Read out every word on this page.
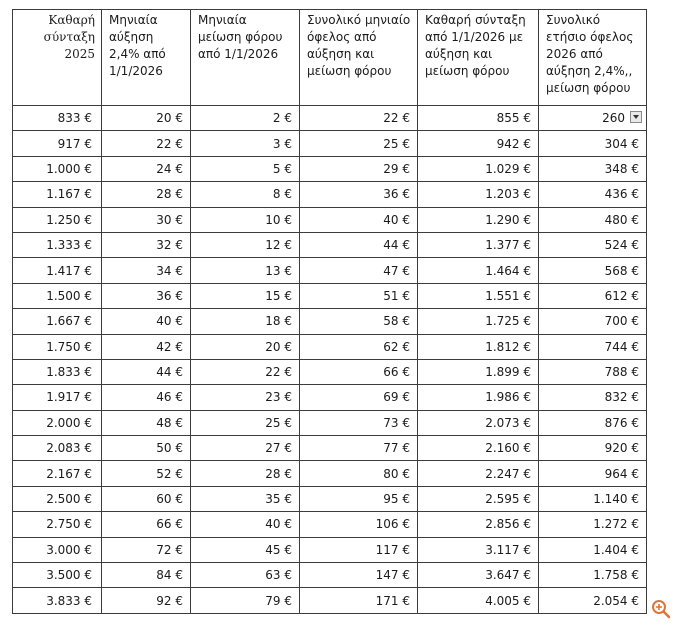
Καθαρή σύνταξη 2025	Μηνιαία αύξηση 2,4% από 1/1/2026	Μηνιαία μείωση φόρου από 1/1/2026	Συνολικό μηνιαίο όφελος από αύξηση και μείωση φόρου	Καθαρή σύνταξη από 1/1/2026 με αύξηση και μείωση φόρου	Συνολικό ετήσιο όφελος 2026 από αύξηση 2,4%,, μείωση φόρου
833 €	20 €	2 €	22 €	855 €	260

917 €	22 €	3 €	25 €	942 €	304 €
1.000 €	24 €	5 €	29 €	1.029 €	348 €
1.167 €	28 €	8 €	36 €	1.203 €	436 €
1.250 €	30 €	10 €	40 €	1.290 €	480 €
1.333 €	32 €	12 €	44 €	1.377 €	524 €
1.417 €	34 €	13 €	47 €	1.464 €	568 €
1.500 €	36 €	15 €	51 €	1.551 €	612 €
1.667 €	40 €	18 €	58 €	1.725 €	700 €
1.750 €	42 €	20 €	62 €	1.812 €	744 €
1.833 €	44 €	22 €	66 €	1.899 €	788 €
1.917 €	46 €	23 €	69 €	1.986 €	832 €
2.000 €	48 €	25 €	73 €	2.073 €	876 €
2.083 €	50 €	27 €	77 €	2.160 €	920 €
2.167 €	52 €	28 €	80 €	2.247 €	964 €
2.500 €	60 €	35 €	95 €	2.595 €	1.140 €
2.750 €	66 €	40 €	106 €	2.856 €	1.272 €
3.000 €	72 €	45 €	117 €	3.117 €	1.404 €
3.500 €	84 €	63 €	147 €	3.647 €	1.758 €
3.833 €	92 €	79 €	171 €	4.005 €	2.054 €
